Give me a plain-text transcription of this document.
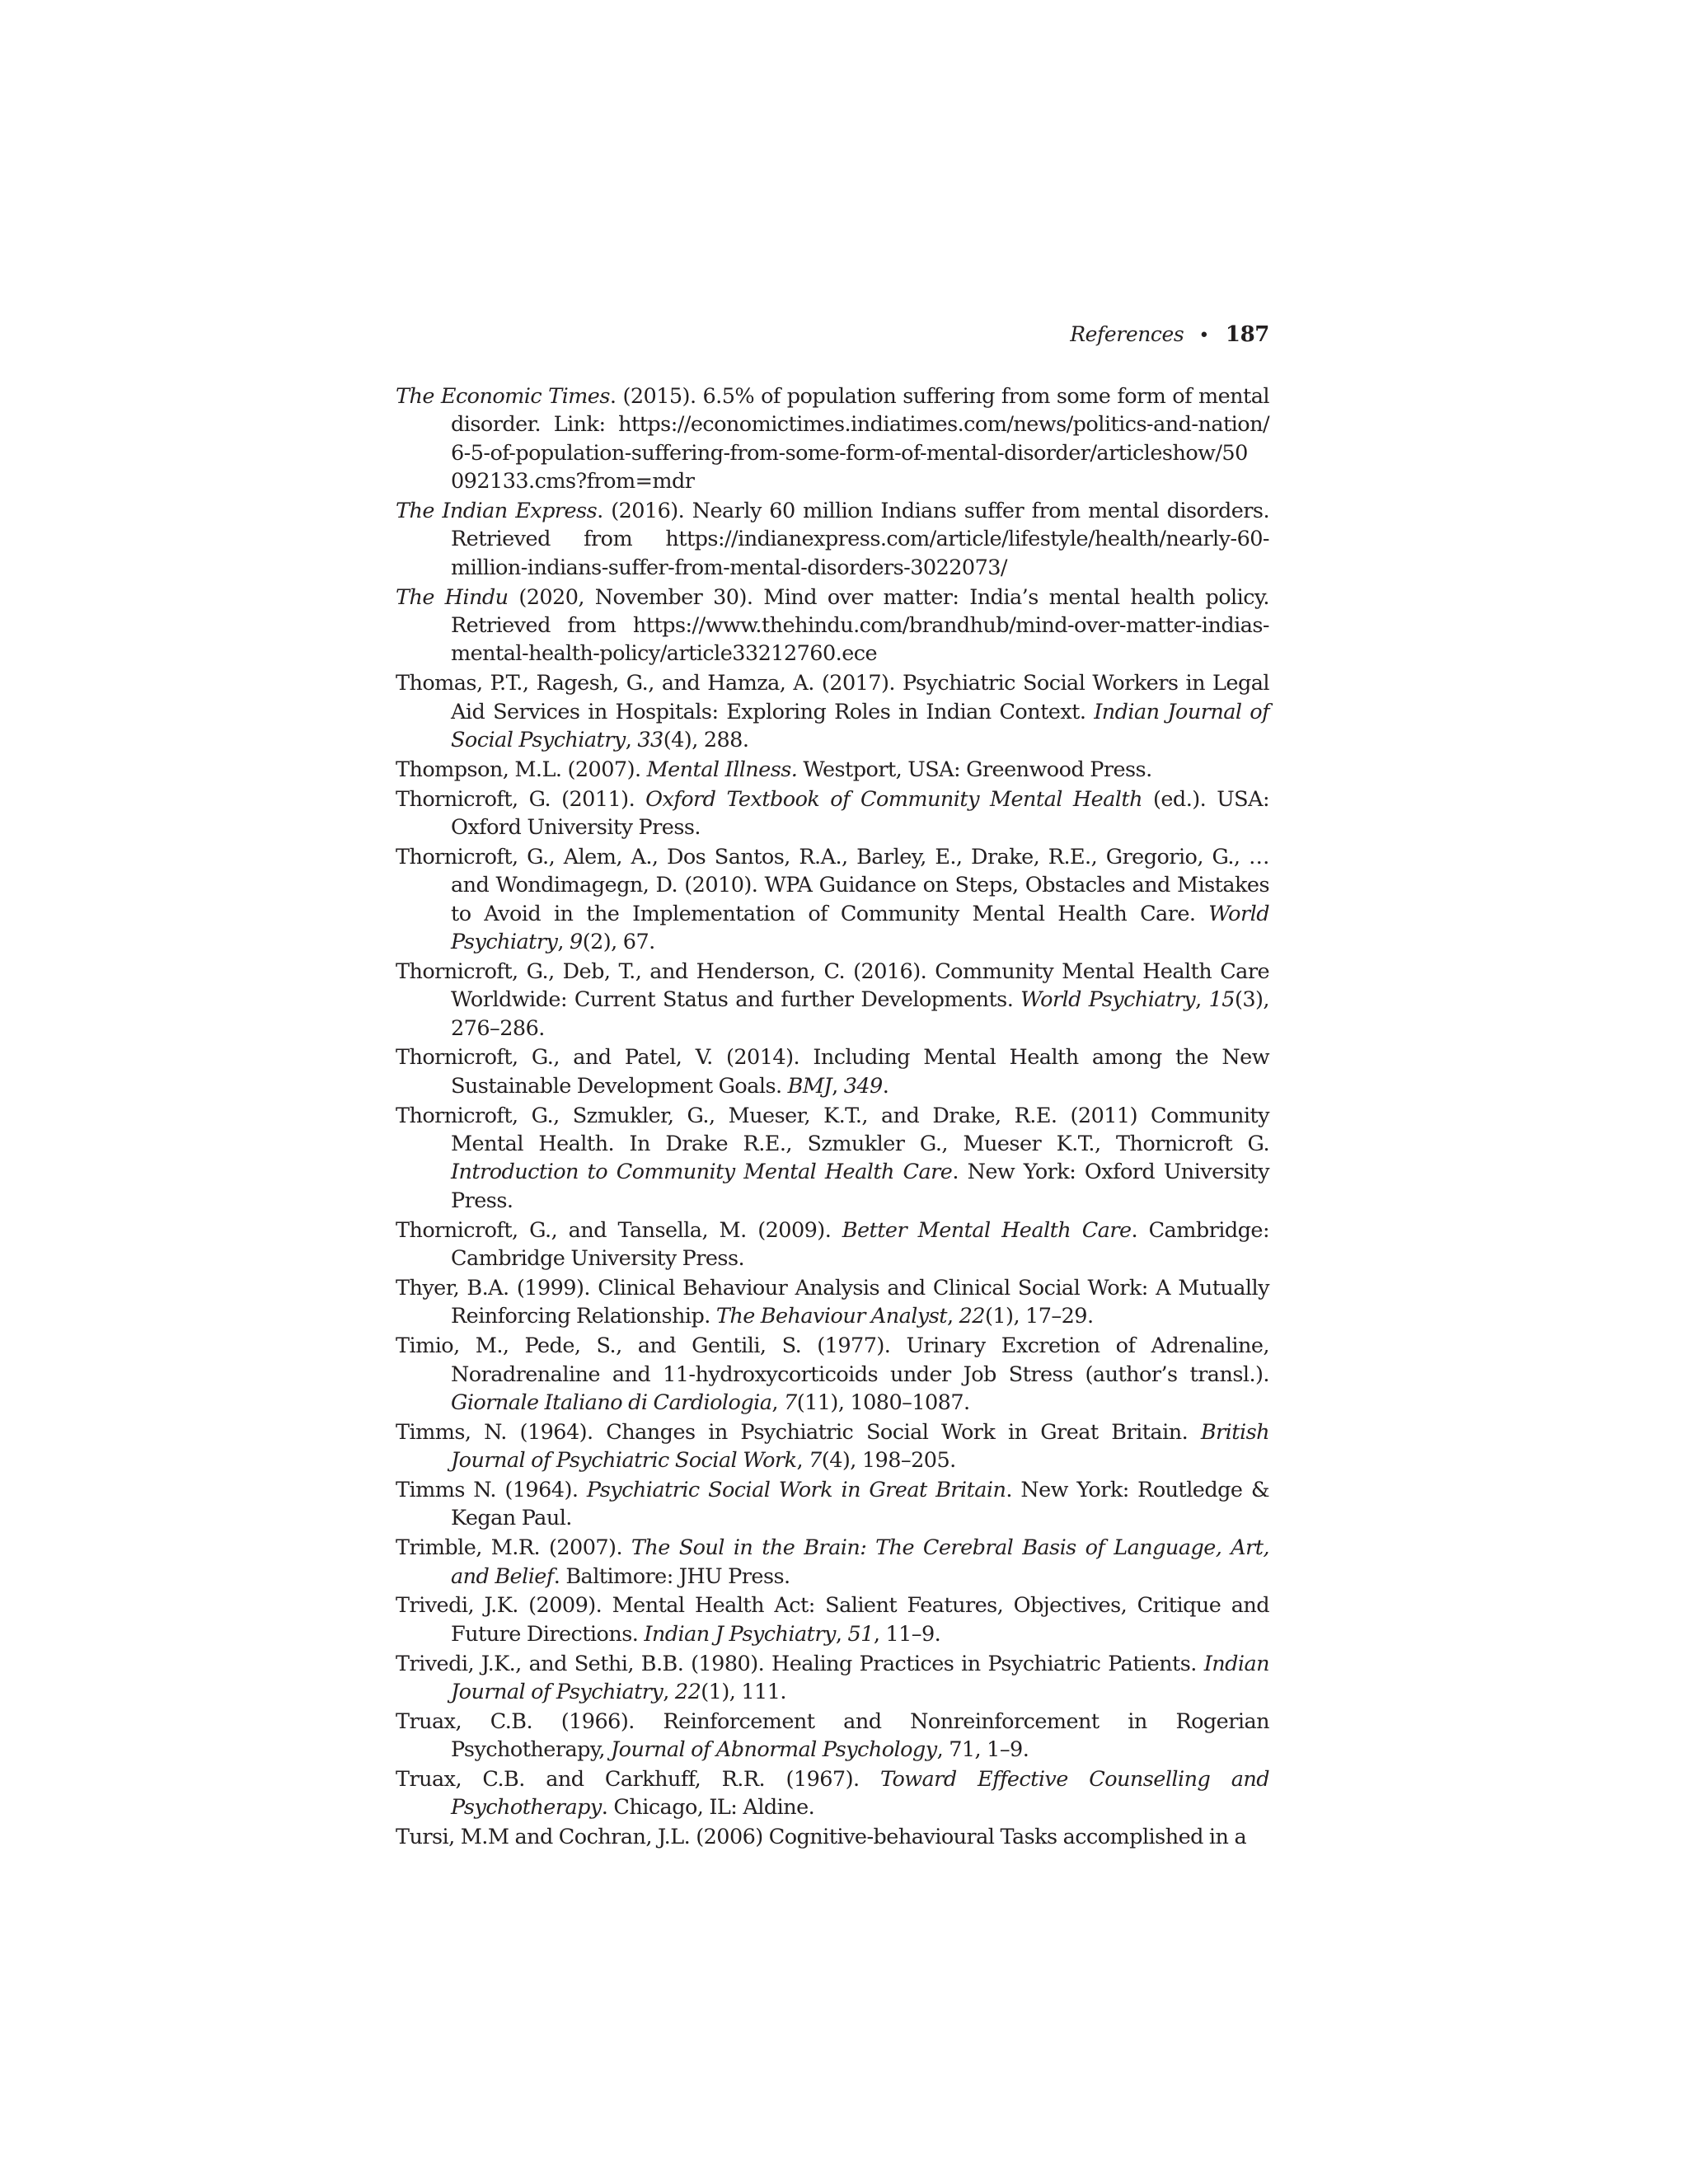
References • 187
The Economic Times. (2015). 6.5% of population suffering from some form of mental disorder. Link: https://economictimes.indiatimes.com/news/politics-and-nation/ 6-5-of-population-suffering-from-some-form-of-mental-disorder/articleshow/50 092133.cms?from=mdr
The Indian Express. (2016). Nearly 60 million Indians suffer from mental disorders. Retrieved from https://indianexpress.com/article/lifestyle/health/nearly-60-million-indians-suffer-from-mental-disorders-3022073/
The Hindu (2020, November 30). Mind over matter: India’s mental health policy. Retrieved from https://www.thehindu.com/brandhub/mind-over-matter-indias-mental-health-policy/article33212760.ece
Thomas, P.T., Ragesh, G., and Hamza, A. (2017). Psychiatric Social Workers in Legal Aid Services in Hospitals: Exploring Roles in Indian Context. Indian Journal of Social Psychiatry, 33(4), 288.
Thompson, M.L. (2007). Mental Illness. Westport, USA: Greenwood Press.
Thornicroft, G. (2011). Oxford Textbook of Community Mental Health (ed.). USA: Oxford University Press.
Thornicroft, G., Alem, A., Dos Santos, R.A., Barley, E., Drake, R.E., Gregorio, G., … and Wondimagegn, D. (2010). WPA Guidance on Steps, Obstacles and Mistakes to Avoid in the Implementation of Community Mental Health Care. World Psychiatry, 9(2), 67.
Thornicroft, G., Deb, T., and Henderson, C. (2016). Community Mental Health Care Worldwide: Current Status and further Developments. World Psychiatry, 15(3), 276–286.
Thornicroft, G., and Patel, V. (2014). Including Mental Health among the New Sustainable Development Goals. BMJ, 349.
Thornicroft, G., Szmukler, G., Mueser, K.T., and Drake, R.E. (2011) Community Mental Health. In Drake R.E., Szmukler G., Mueser K.T., Thornicroft G. Introduction to Community Mental Health Care. New York: Oxford University Press.
Thornicroft, G., and Tansella, M. (2009). Better Mental Health Care. Cambridge: Cambridge University Press.
Thyer, B.A. (1999). Clinical Behaviour Analysis and Clinical Social Work: A Mutually Reinforcing Relationship. The Behaviour Analyst, 22(1), 17–29.
Timio, M., Pede, S., and Gentili, S. (1977). Urinary Excretion of Adrenaline, Noradrenaline and 11-hydroxycorticoids under Job Stress (author’s transl.). Giornale Italiano di Cardiologia, 7(11), 1080–1087.
Timms, N. (1964). Changes in Psychiatric Social Work in Great Britain. British Journal of Psychiatric Social Work, 7(4), 198–205.
Timms N. (1964). Psychiatric Social Work in Great Britain. New York: Routledge & Kegan Paul.
Trimble, M.R. (2007). The Soul in the Brain: The Cerebral Basis of Language, Art, and Belief. Baltimore: JHU Press.
Trivedi, J.K. (2009). Mental Health Act: Salient Features, Objectives, Critique and Future Directions. Indian J Psychiatry, 51, 11–9.
Trivedi, J.K., and Sethi, B.B. (1980). Healing Practices in Psychiatric Patients. Indian Journal of Psychiatry, 22(1), 111.
Truax, C.B. (1966). Reinforcement and Nonreinforcement in Rogerian Psychotherapy, Journal of Abnormal Psychology, 71, 1–9.
Truax, C.B. and Carkhuff, R.R. (1967). Toward Effective Counselling and Psychotherapy. Chicago, IL: Aldine.
Tursi, M.M and Cochran, J.L. (2006) Cognitive-behavioural Tasks accomplished in a
